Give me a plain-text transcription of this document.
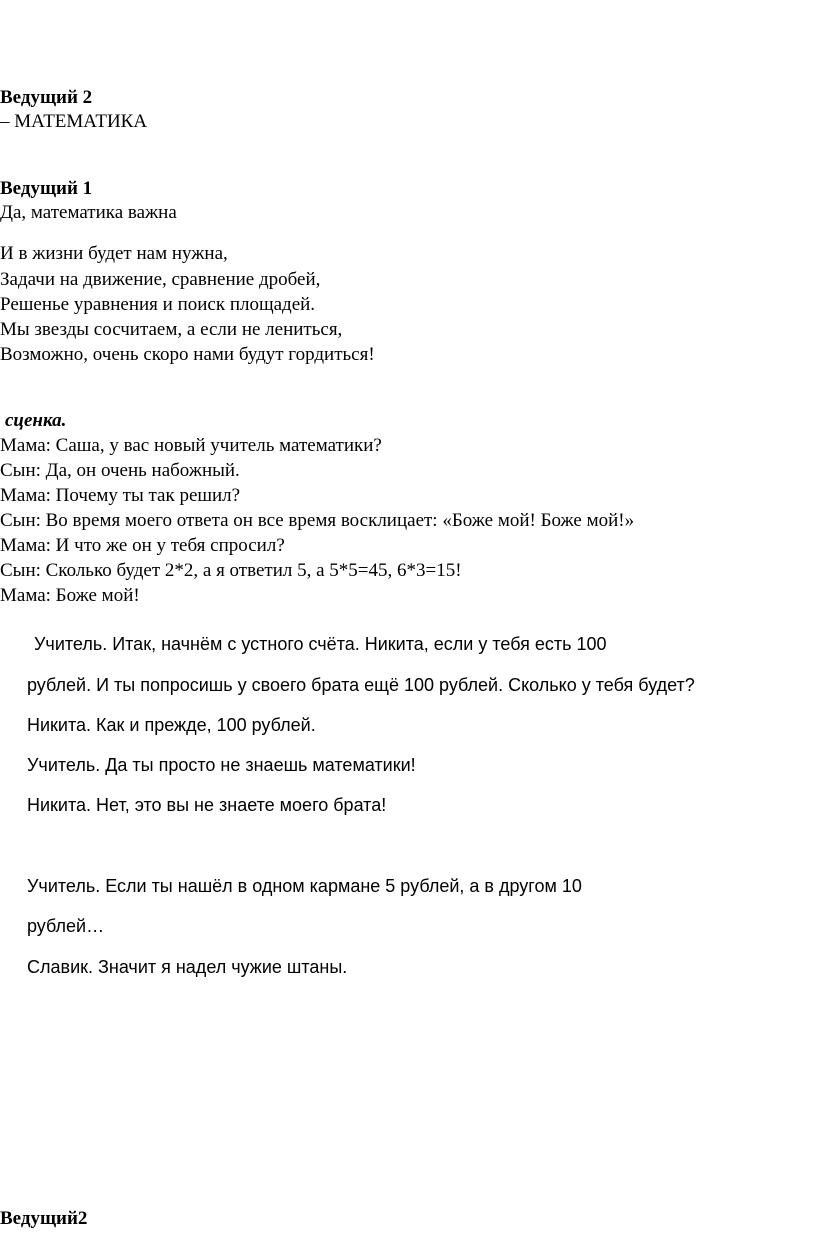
Ведущий 2
– МАТЕМАТИКА
Ведущий 1
Да, математика важна
И в жизни будет нам нужна,
Задачи на движение, сравнение дробей,
Решенье уравнения и поиск площадей.
Мы звезды сосчитаем, а если не лениться,
Возможно, очень скоро нами будут гордиться!
сценка.
Мама: Саша, у вас новый учитель математики?
Сын: Да, он очень набожный.
Мама: Почему ты так решил?
Сын: Во время моего ответа он все время восклицает: «Боже мой! Боже мой!»
Мама: И что же он у тебя спросил?
Сын: Сколько будет 2*2, а я ответил 5, а 5*5=45, 6*3=15!
Мама: Боже мой!
Учитель. Итак, начнём с устного счёта. Никита, если у тебя есть 100
рублей. И ты попросишь у своего брата ещё 100 рублей. Сколько у тебя будет?
Никита. Как и прежде, 100 рублей.
Учитель. Да ты просто не знаешь математики!
Никита. Нет, это вы не знаете моего брата!
Учитель. Если ты нашёл в одном кармане 5 рублей, а в другом 10
рублей…
Славик. Значит я надел чужие штаны.
Ведущий2
